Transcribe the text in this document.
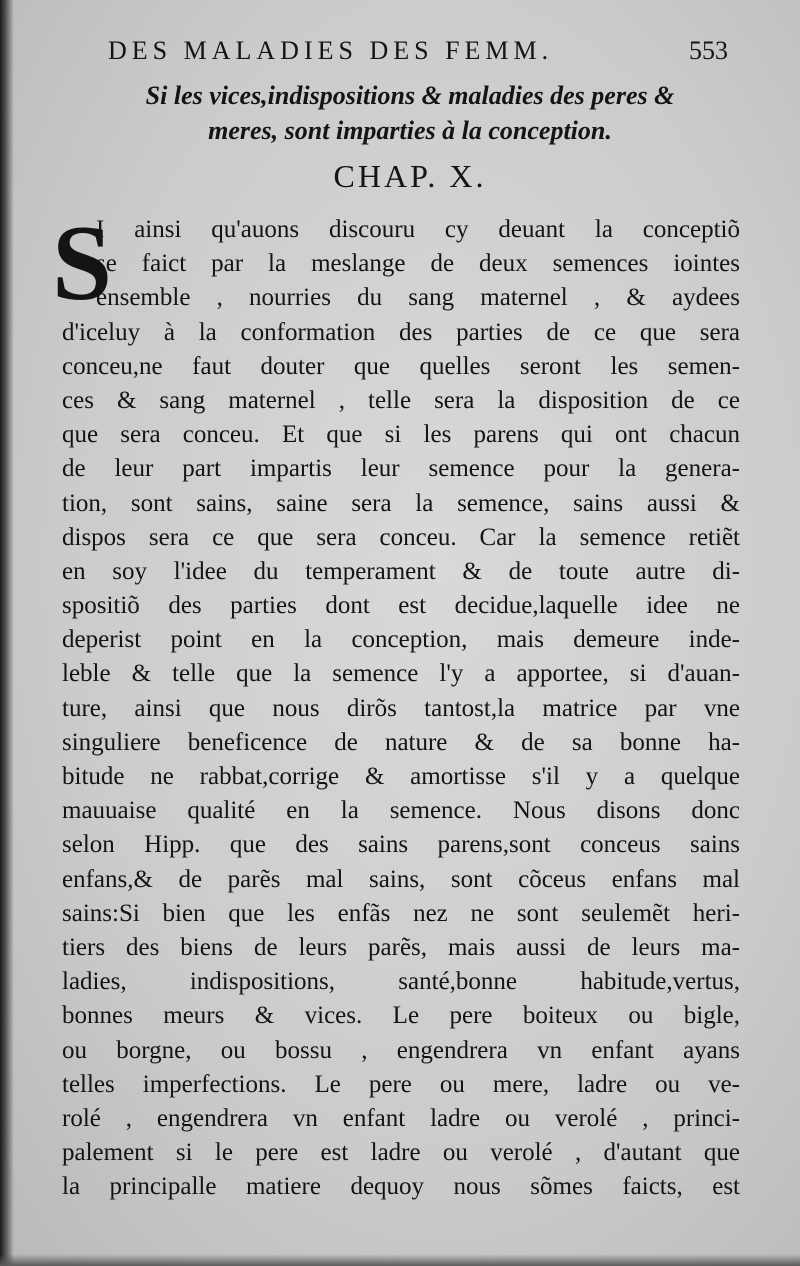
DES MALADIES DES FEMM.	553
Si les vices,indispositions & maladies des peres &
meres, sont imparties à la conception.
CHAP. X.
S
I ainsi qu'auons discouru cy deuant la conceptiõ
se faict par la meslange de deux semences iointes
ensemble , nourries du sang maternel , & aydees
d'iceluy à la conformation des parties de ce que sera
conceu,ne faut douter que quelles seront les semen-
ces & sang maternel , telle sera la disposition de ce
que sera conceu. Et que si les parens qui ont chacun
de leur part impartis leur semence pour la genera-
tion, sont sains, saine sera la semence, sains aussi &
dispos sera ce que sera conceu. Car la semence retiẽt
en soy l'idee du temperament & de toute autre di-
spositiõ des parties dont est decidue,laquelle idee ne
deperist point en la conception, mais demeure inde-
leble & telle que la semence l'y a apportee, si d'auan-
ture, ainsi que nous dirõs tantost,la matrice par vne
singuliere beneficence de nature & de sa bonne ha-
bitude ne rabbat,corrige & amortisse s'il y a quelque
mauuaise qualité en la semence. Nous disons donc
selon Hipp. que des sains parens,sont conceus sains
enfans,& de parẽs mal sains, sont cõceus enfans mal
sains:Si bien que les enfãs nez ne sont seulemẽt heri-
tiers des biens de leurs parẽs, mais aussi de leurs ma-
ladies, indispositions, santé,bonne habitude,vertus,
bonnes meurs & vices. Le pere boiteux ou bigle,
ou borgne, ou bossu , engendrera vn enfant ayans
telles imperfections. Le pere ou mere, ladre ou ve-
rolé , engendrera vn enfant ladre ou verolé , princi-
palement si le pere est ladre ou verolé , d'autant que
la principalle matiere dequoy nous sõmes faicts, est
